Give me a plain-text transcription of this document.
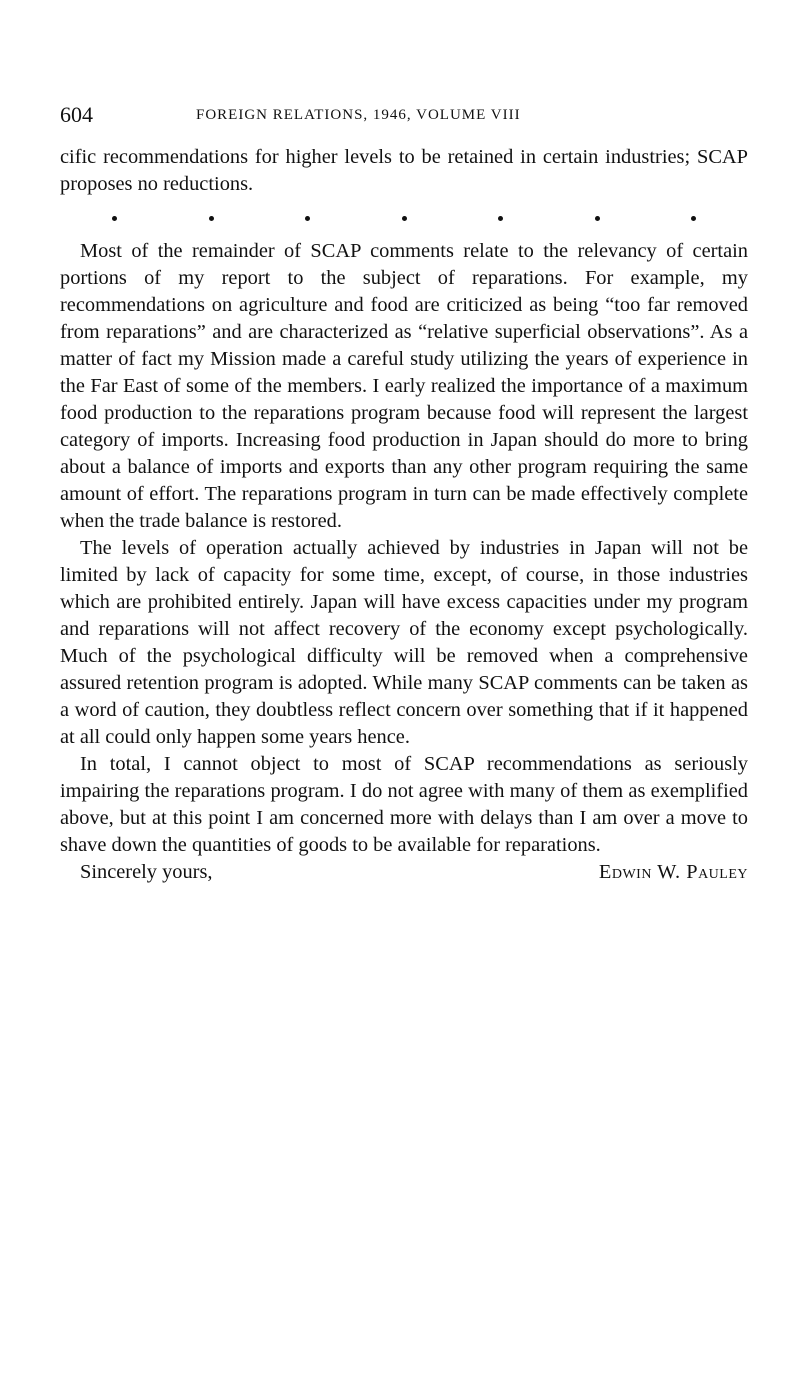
604	FOREIGN RELATIONS, 1946, VOLUME VIII

cific recommendations for higher levels to be retained in certain industries; SCAP proposes no reductions.

Most of the remainder of SCAP comments relate to the relevancy of certain portions of my report to the subject of reparations. For example, my recommendations on agriculture and food are criticized as being “too far removed from reparations” and are characterized as “relative superficial observations”. As a matter of fact my Mission made a careful study utilizing the years of experience in the Far East of some of the members. I early realized the importance of a maximum food production to the reparations program because food will represent the largest category of imports. Increasing food production in Japan should do more to bring about a balance of imports and exports than any other program requiring the same amount of effort. The reparations program in turn can be made effectively complete when the trade balance is restored.

The levels of operation actually achieved by industries in Japan will not be limited by lack of capacity for some time, except, of course, in those industries which are prohibited entirely. Japan will have excess capacities under my program and reparations will not affect recovery of the economy except psychologically. Much of the psychological difficulty will be removed when a comprehensive assured retention program is adopted. While many SCAP comments can be taken as a word of caution, they doubtless reflect concern over something that if it happened at all could only happen some years hence.

In total, I cannot object to most of SCAP recommendations as seriously impairing the reparations program. I do not agree with many of them as exemplified above, but at this point I am concerned more with delays than I am over a move to shave down the quantities of goods to be available for reparations.

Sincerely yours,	Edwin W. Pauley
